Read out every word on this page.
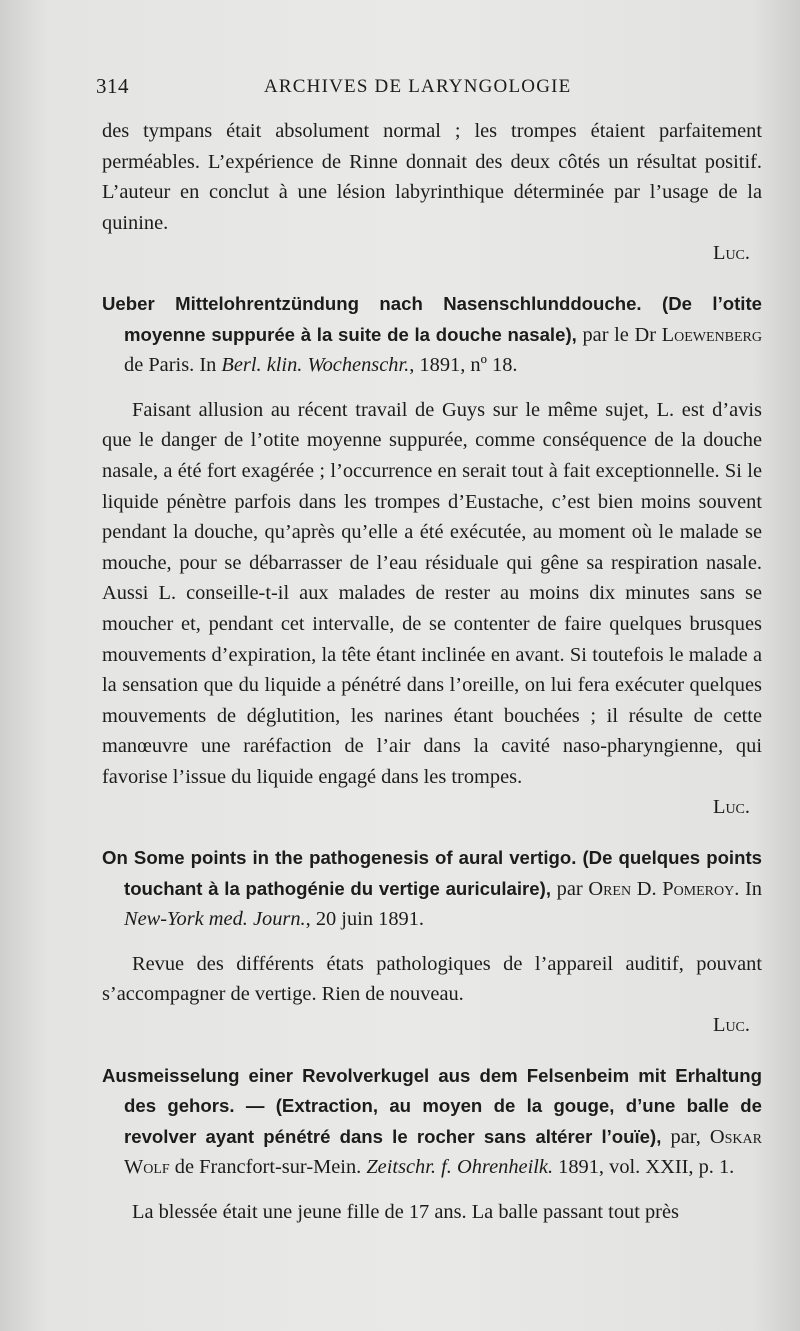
314	ARCHIVES DE LARYNGOLOGIE

des tympans était absolument normal ; les trompes étaient parfaitement perméables. L’expérience de Rinne donnait des deux côtés un résultat positif. L’auteur en conclut à une lésion labyrinthique déterminée par l’usage de la quinine.

Luc.

Ueber Mittelohrentzündung nach Nasenschlunddouche. (De l’otite moyenne suppurée à la suite de la douche nasale), par le Dr Loewenberg de Paris. In Berl. klin. Wochenschr., 1891, nº 18.

Faisant allusion au récent travail de Guys sur le même sujet, L. est d’avis que le danger de l’otite moyenne suppurée, comme conséquence de la douche nasale, a été fort exagérée ; l’occurrence en serait tout à fait exceptionnelle. Si le liquide pénètre parfois dans les trompes d’Eustache, c’est bien moins souvent pendant la douche, qu’après qu’elle a été exécutée, au moment où le malade se mouche, pour se débarrasser de l’eau résiduale qui gêne sa respiration nasale. Aussi L. conseille-t-il aux malades de rester au moins dix minutes sans se moucher et, pendant cet intervalle, de se contenter de faire quelques brusques mouvements d’expiration, la tête étant inclinée en avant. Si toutefois le malade a la sensation que du liquide a pénétré dans l’oreille, on lui fera exécuter quelques mouvements de déglutition, les narines étant bouchées ; il résulte de cette manœuvre une raréfaction de l’air dans la cavité naso-pharyngienne, qui favorise l’issue du liquide engagé dans les trompes.

Luc.

On Some points in the pathogenesis of aural vertigo. (De quelques points touchant à la pathogénie du vertige auriculaire), par Oren D. Pomeroy. In New-York med. Journ., 20 juin 1891.

Revue des différents états pathologiques de l’appareil auditif, pouvant s’accompagner de vertige. Rien de nouveau.

Luc.

Ausmeisselung einer Revolverkugel aus dem Felsenbeim mit Erhaltung des gehors. — (Extraction, au moyen de la gouge, d’une balle de revolver ayant pénétré dans le rocher sans altérer l’ouïe), par, Oskar Wolf de Francfort-sur-Mein. Zeitschr. f. Ohrenheilk. 1891, vol. XXII, p. 1.

La blessée était une jeune fille de 17 ans. La balle passant tout près
